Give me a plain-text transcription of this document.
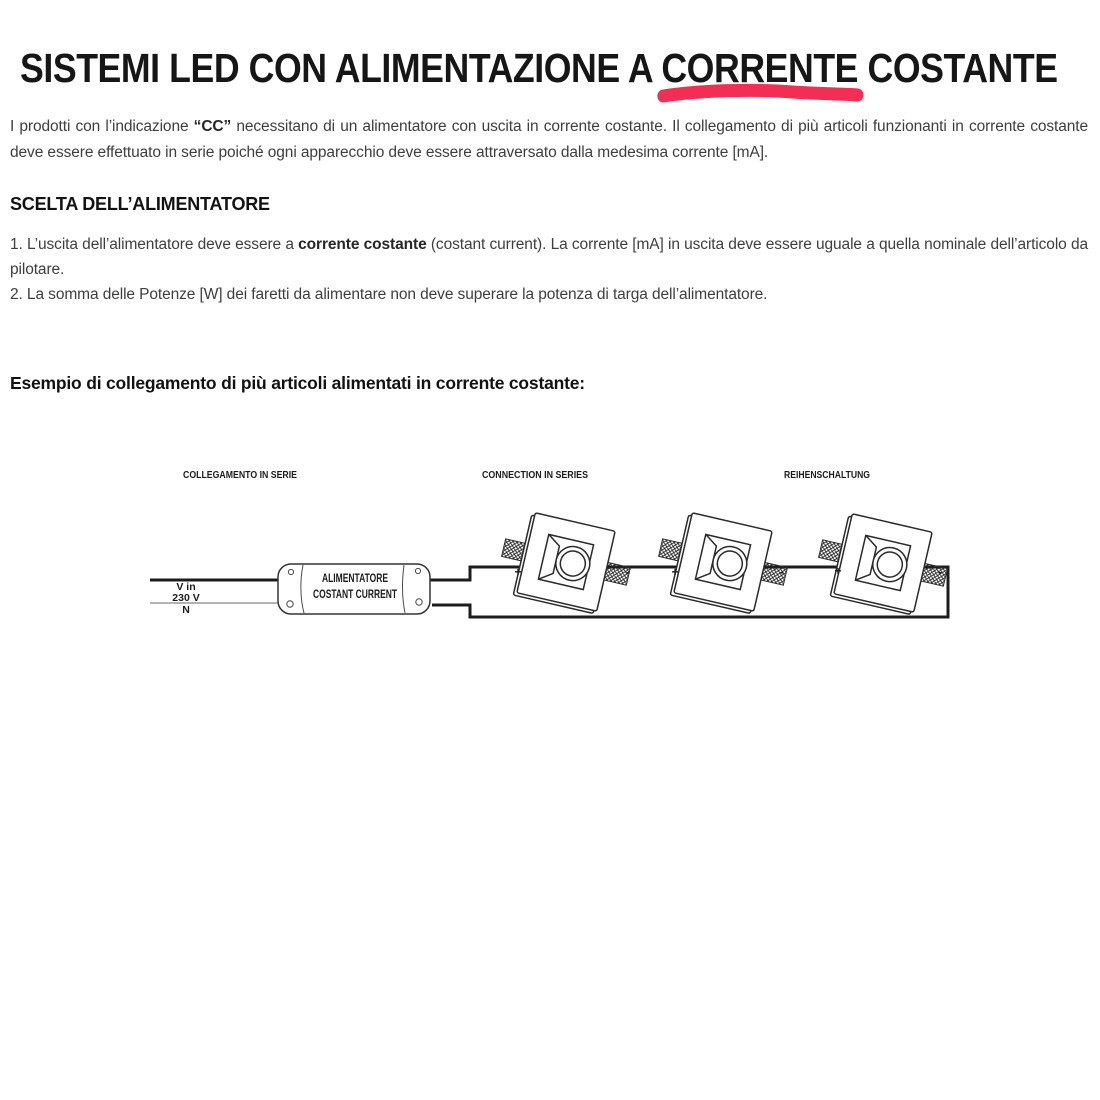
SISTEMI LED CON ALIMENTAZIONE A CORRENTE
COSTANTE

I prodotti con l’indicazione “CC” necessitano di un alimentatore con uscita in corrente costante. Il collegamento di più articoli funzionanti in corrente costante deve essere effettuato in serie poiché ogni apparecchio deve essere attraversato dalla medesima corrente [mA].

SCELTA DELL’ALIMENTATORE

1. L’uscita dell’alimentatore deve essere a corrente costante (costant current). La corrente [mA] in uscita deve essere uguale a quella nominale dell’articolo da pilotare.

2. La somma delle Potenze [W] dei faretti da alimentare non deve superare la potenza di targa dell’alimentatore.

Esempio di collegamento di più articoli alimentati in corrente costante:
COLLEGAMENTO IN SERIE	CONNECTION IN SERIES	REIHENSCHALTUNG
V in
230 V
N
ALIMENTATORE
COSTANT CURRENT
+	-	+	-	+	-
